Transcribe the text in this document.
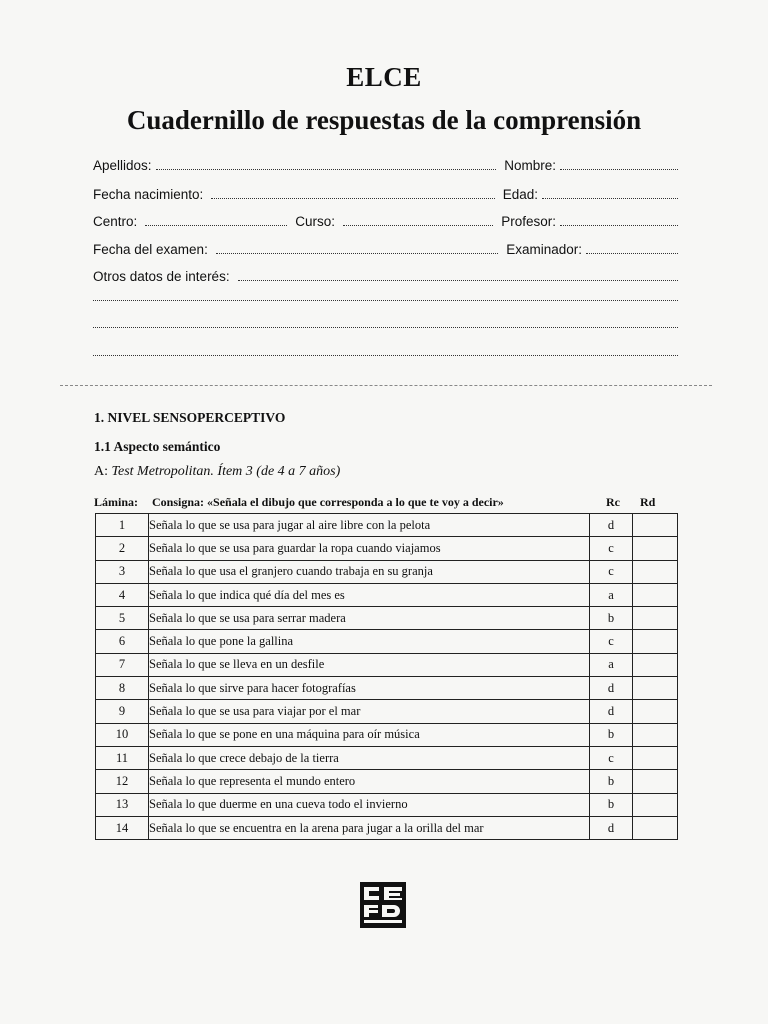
ELCE
Cuadernillo de respuestas de la comprensión
Apellidos:	Nombre:
Fecha nacimiento:	Edad:
Centro:	Curso:	Profesor:
Fecha del examen:	Examinador:
Otros datos de interés:
1. NIVEL SENSOPERCEPTIVO
1.1 Aspecto semántico
A: Test Metropolitan. Ítem 3 (de 4 a 7 años)
Lámina: Consigna: «Señala el dibujo que corresponda a lo que te voy a decir»	Rc Rd
1	Señala lo que se usa para jugar al aire libre con la pelota	d	
2	Señala lo que se usa para guardar la ropa cuando viajamos	c	
3	Señala lo que usa el granjero cuando trabaja en su granja	c	
4	Señala lo que indica qué día del mes es	a	
5	Señala lo que se usa para serrar madera	b	
6	Señala lo que pone la gallina	c	
7	Señala lo que se lleva en un desfile	a	
8	Señala lo que sirve para hacer fotografías	d	
9	Señala lo que se usa para viajar por el mar	d	
10	Señala lo que se pone en una máquina para oír música	b	
11	Señala lo que crece debajo de la tierra	c	
12	Señala lo que representa el mundo entero	b	
13	Señala lo que duerme en una cueva todo el invierno	b	
14	Señala lo que se encuentra en la arena para jugar a la orilla del mar	d	
